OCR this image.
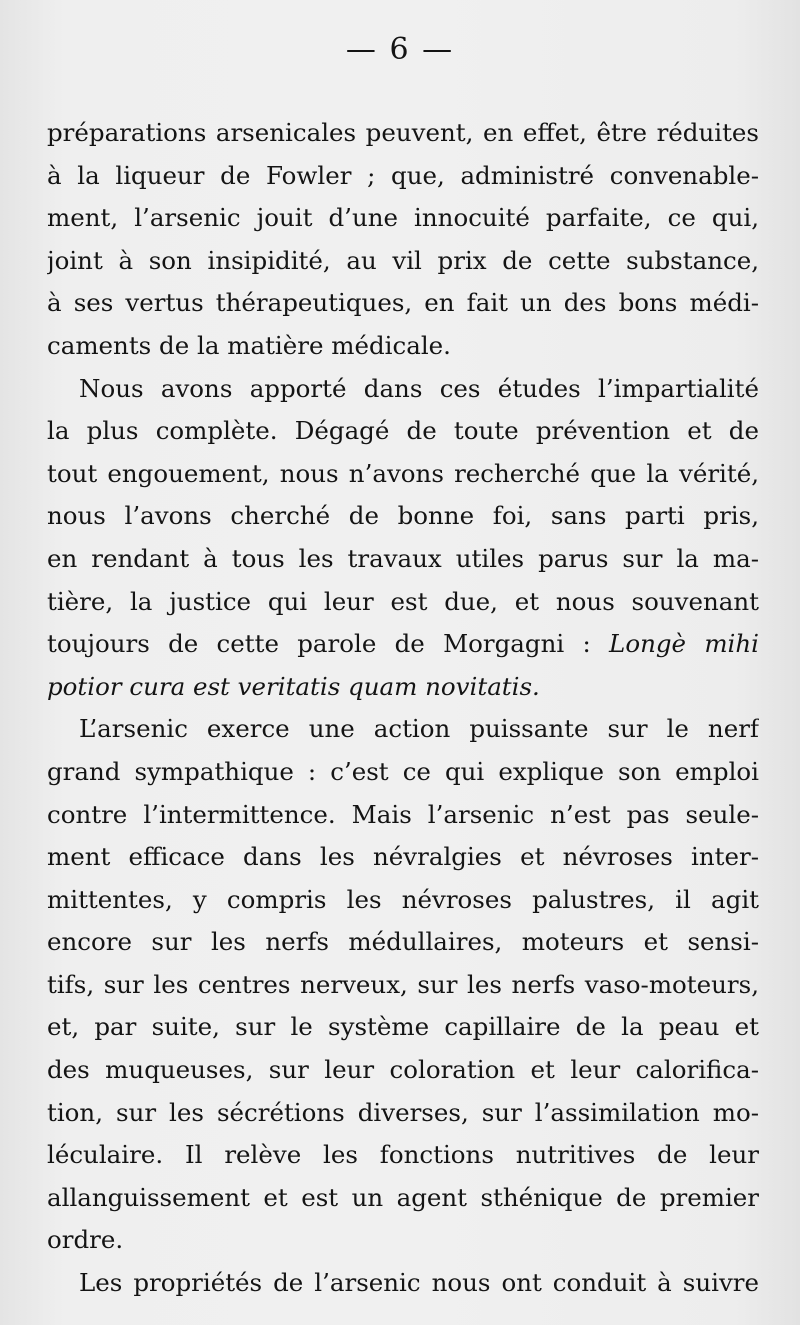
— 6 —
préparations arsenicales peuvent, en effet, être réduites
à la liqueur de Fowler ; que, administré convenable-
ment, l’arsenic jouit d’une innocuité parfaite, ce qui,
joint à son insipidité, au vil prix de cette substance,
à ses vertus thérapeutiques, en fait un des bons médi-
caments de la matière médicale.
Nous avons apporté dans ces études l’impartialité
la plus complète. Dégagé de toute prévention et de
tout engouement, nous n’avons recherché que la vérité,
nous l’avons cherché de bonne foi, sans parti pris,
en rendant à tous les travaux utiles parus sur la ma-
tière, la justice qui leur est due, et nous souvenant
toujours de cette parole de Morgagni : Longè mihi
potior cura est veritatis quam novitatis.
L’arsenic exerce une action puissante sur le nerf
grand sympathique : c’est ce qui explique son emploi
contre l’intermittence. Mais l’arsenic n’est pas seule-
ment efficace dans les névralgies et névroses inter-
mittentes, y compris les névroses palustres, il agit
encore sur les nerfs médullaires, moteurs et sensi-
tifs, sur les centres nerveux, sur les nerfs vaso-moteurs,
et, par suite, sur le système capillaire de la peau et
des muqueuses, sur leur coloration et leur calorifica-
tion, sur les sécrétions diverses, sur l’assimilation mo-
léculaire. Il relève les fonctions nutritives de leur
allanguissement et est un agent sthénique de premier
ordre.
Les propriétés de l’arsenic nous ont conduit à suivre
